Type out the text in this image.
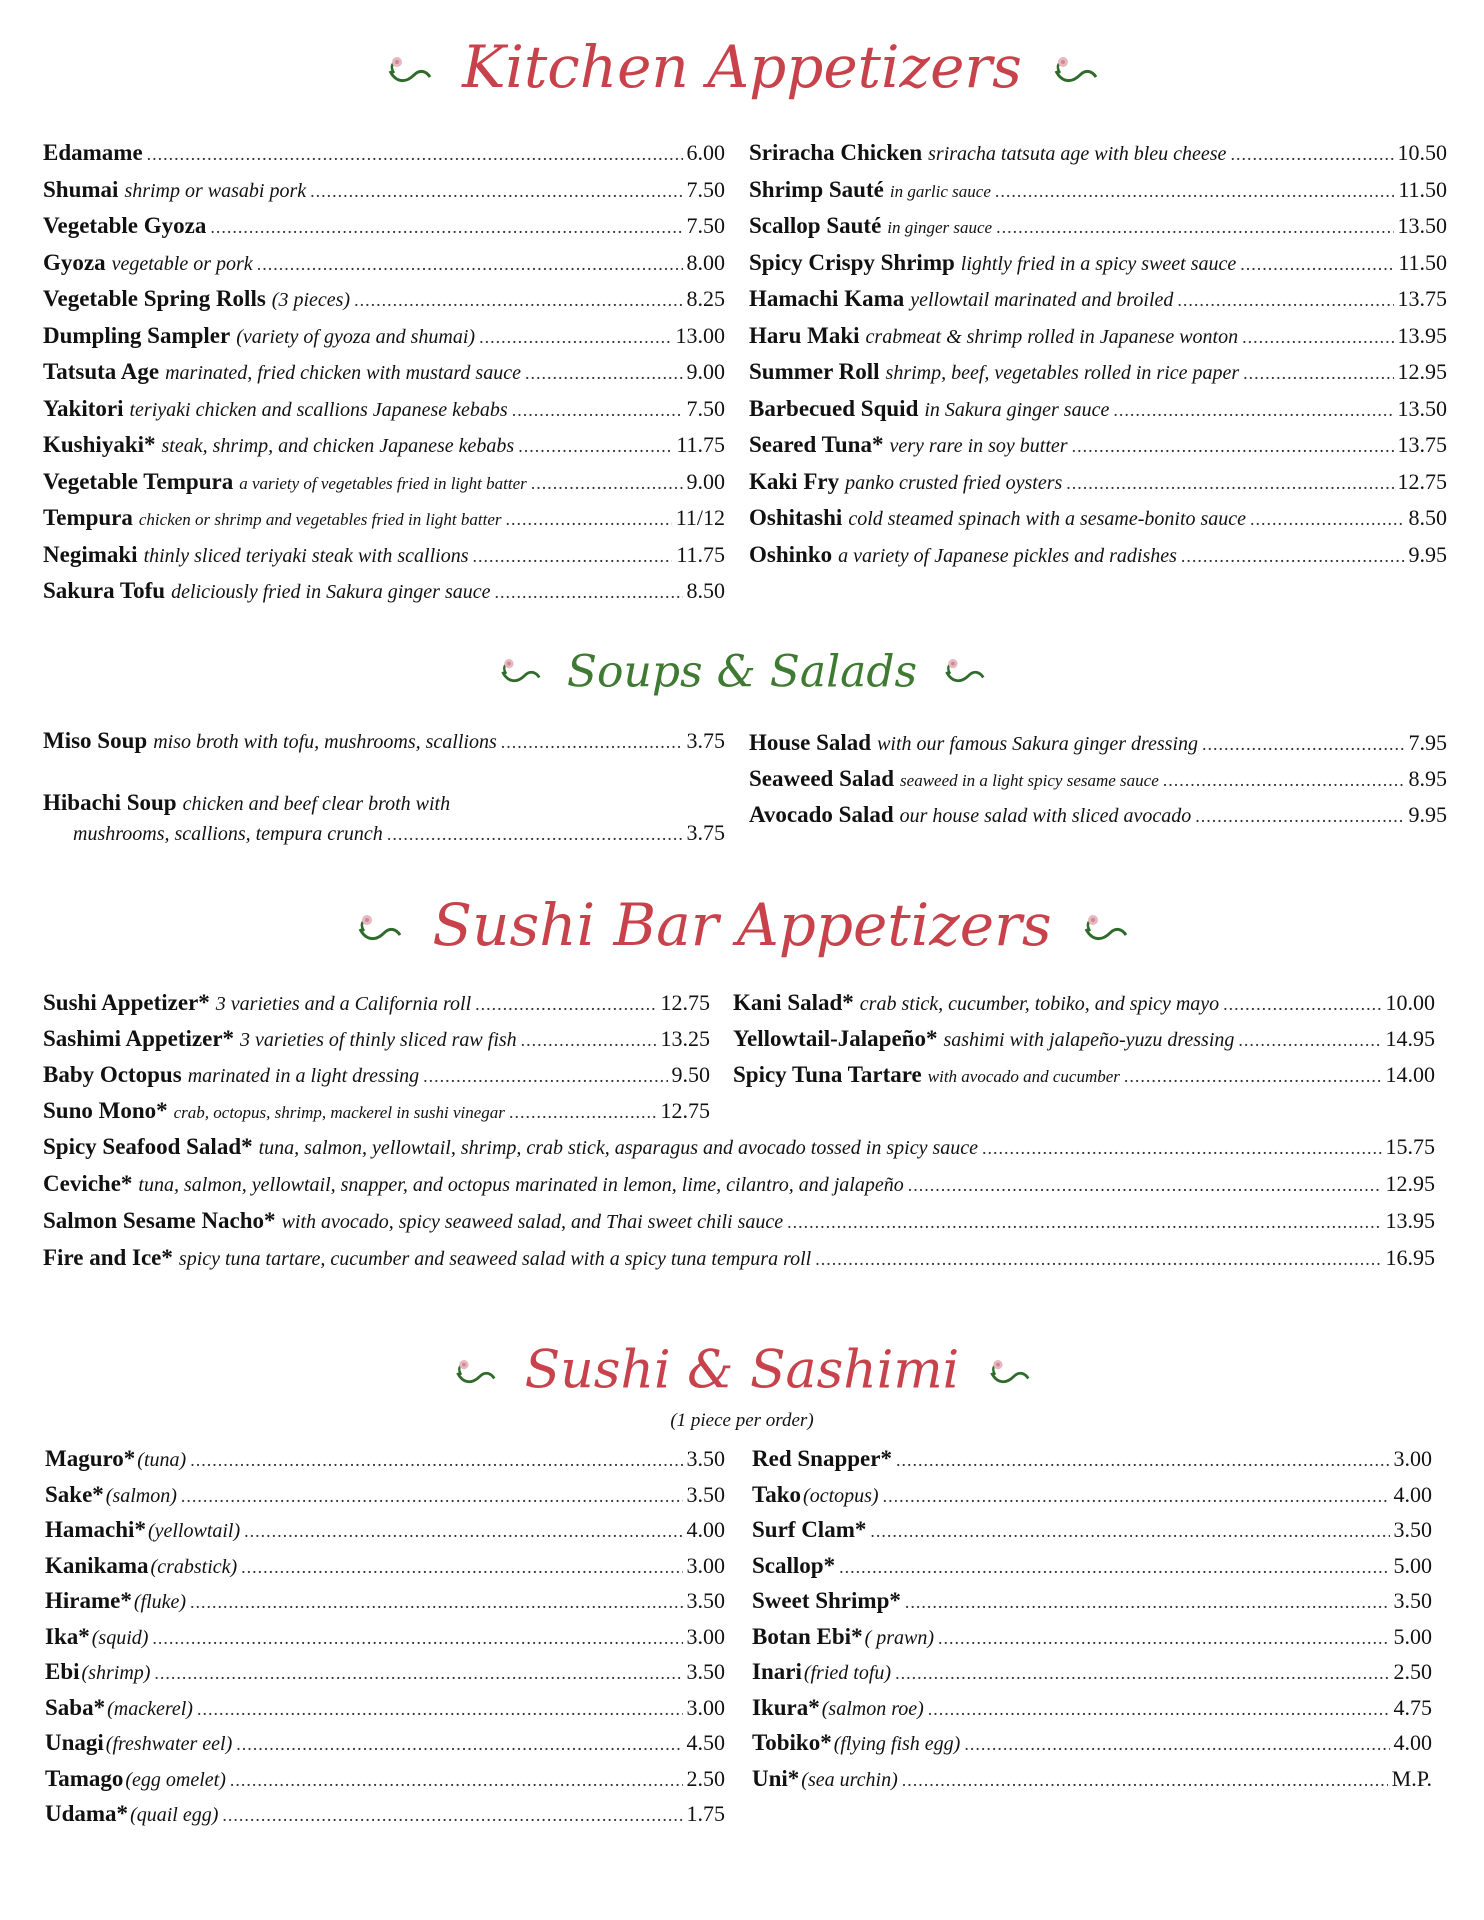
Kitchen Appetizers
Edamame .....	6.00
Shumai shrimp or wasabi pork .....	7.50
Vegetable Gyoza .....	7.50
Gyoza vegetable or pork .....	8.00
Vegetable Spring Rolls (3 pieces) .....	8.25
Dumpling Sampler (variety of gyoza and shumai) .....	13.00
Tatsuta Age marinated, fried chicken with mustard sauce .....	9.00
Yakitori teriyaki chicken and scallions Japanese kebabs .....	7.50
Kushiyaki* steak, shrimp, and chicken Japanese kebabs .....	11.75
Vegetable Tempura a variety of vegetables fried in light batter .....	9.00
Tempura chicken or shrimp and vegetables fried in light batter .....	11/12
Negimaki thinly sliced teriyaki steak with scallions .....	11.75
Sakura Tofu deliciously fried in Sakura ginger sauce .....	8.50
Sriracha Chicken sriracha tatsuta age with bleu cheese .....	10.50
Shrimp Sauté in garlic sauce .....	11.50
Scallop Sauté in ginger sauce .....	13.50
Spicy Crispy Shrimp lightly fried in a spicy sweet sauce .....	11.50
Hamachi Kama yellowtail marinated and broiled .....	13.75
Haru Maki crabmeat & shrimp rolled in Japanese wonton .....	13.95
Summer Roll shrimp, beef, vegetables rolled in rice paper .....	12.95
Barbecued Squid in Sakura ginger sauce .....	13.50
Seared Tuna* very rare in soy butter .....	13.75
Kaki Fry panko crusted fried oysters .....	12.75
Oshitashi cold steamed spinach with a sesame-bonito sauce .....	8.50
Oshinko a variety of Japanese pickles and radishes .....	9.95
Soups & Salads
Miso Soup miso broth with tofu, mushrooms, scallions .....	3.75
Hibachi Soup chicken and beef clear broth with
mushrooms, scallions, tempura crunch .....	3.75
House Salad with our famous Sakura ginger dressing .....	7.95
Seaweed Salad seaweed in a light spicy sesame sauce .....	8.95
Avocado Salad our house salad with sliced avocado .....	9.95
Sushi Bar Appetizers
Sushi Appetizer* 3 varieties and a California roll .....	12.75
Sashimi Appetizer* 3 varieties of thinly sliced raw fish .....	13.25
Baby Octopus marinated in a light dressing .....	9.50
Suno Mono* crab, octopus, shrimp, mackerel in sushi vinegar .....	12.75
Kani Salad* crab stick, cucumber, tobiko, and spicy mayo .....	10.00
Yellowtail-Jalapeño* sashimi with jalapeño-yuzu dressing .....	14.95
Spicy Tuna Tartare with avocado and cucumber .....	14.00
Spicy Seafood Salad* tuna, salmon, yellowtail, shrimp, crab stick, asparagus and avocado tossed in spicy sauce .....	15.75
Ceviche* tuna, salmon, yellowtail, snapper, and octopus marinated in lemon, lime, cilantro, and jalapeño .....	12.95
Salmon Sesame Nacho* with avocado, spicy seaweed salad, and Thai sweet chili sauce .....	13.95
Fire and Ice* spicy tuna tartare, cucumber and seaweed salad with a spicy tuna tempura roll .....	16.95
Sushi & Sashimi
(1 piece per order)
Maguro* (tuna) .....	3.50
Sake* (salmon) .....	3.50
Hamachi* (yellowtail) .....	4.00
Kanikama (crabstick) .....	3.00
Hirame* (fluke) .....	3.50
Ika* (squid) .....	3.00
Ebi (shrimp) .....	3.50
Saba* (mackerel) .....	3.00
Unagi (freshwater eel) .....	4.50
Tamago (egg omelet) .....	2.50
Udama* (quail egg) .....	1.75
Red Snapper* .....	3.00
Tako (octopus) .....	4.00
Surf Clam* .....	3.50
Scallop* .....	5.00
Sweet Shrimp* .....	3.50
Botan Ebi* ( prawn) .....	5.00
Inari (fried tofu) .....	2.50
Ikura* (salmon roe) .....	4.75
Tobiko* (flying fish egg) .....	4.00
Uni* (sea urchin) .....	M.P.
